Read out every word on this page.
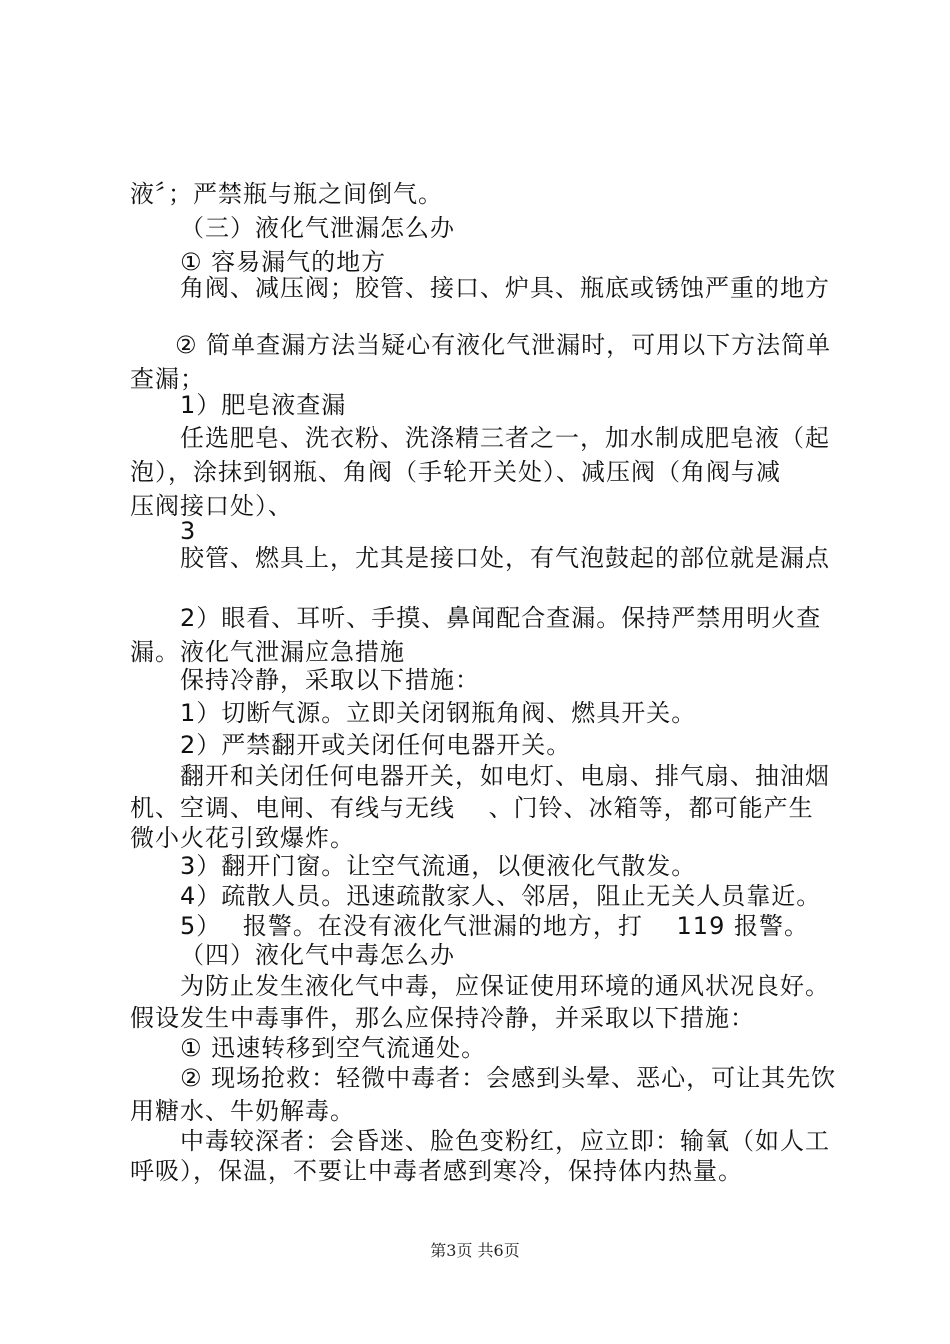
液〞；严禁瓶与瓶之间倒气。
（三）液化气泄漏怎么办
① 容易漏气的地方
角阀、减压阀；胶管、接口、炉具、瓶底或锈蚀严重的地方
② 简单查漏方法当疑心有液化气泄漏时，可用以下方法简单
查漏；
1）肥皂液查漏
任选肥皂、洗衣粉、洗涤精三者之一，加水制成肥皂液（起
泡），涂抹到钢瓶、角阀（手轮开关处）、减压阀（角阀与减
压阀接口处）、
3
胶管、燃具上，尤其是接口处，有气泡鼓起的部位就是漏点
2）眼看、耳听、手摸、鼻闻配合查漏。保持严禁用明火查
漏。液化气泄漏应急措施
保持冷静，采取以下措施：
1）切断气源。立即关闭钢瓶角阀、燃具开关。
2）严禁翻开或关闭任何电器开关。
翻开和关闭任何电器开关，如电灯、电扇、排气扇、抽油烟
机、空调、电闸、有线与无线　 、门铃、冰箱等，都可能产生
微小火花引致爆炸。
3）翻开门窗。让空气流通，以便液化气散发。
4）疏散人员。迅速疏散家人、邻居，阻止无关人员靠近。
5）　 报警。在没有液化气泄漏的地方，打　 119 报警。
（四）液化气中毒怎么办
为防止发生液化气中毒，应保证使用环境的通风状况良好。
假设发生中毒事件，那么应保持冷静，并采取以下措施：
① 迅速转移到空气流通处。
② 现场抢救：轻微中毒者：会感到头晕、恶心，可让其先饮
用糖水、牛奶解毒。
中毒较深者：会昏迷、脸色变粉红，应立即：输氧（如人工
呼吸），保温，不要让中毒者感到寒冷，保持体内热量。
第3页 共6页
